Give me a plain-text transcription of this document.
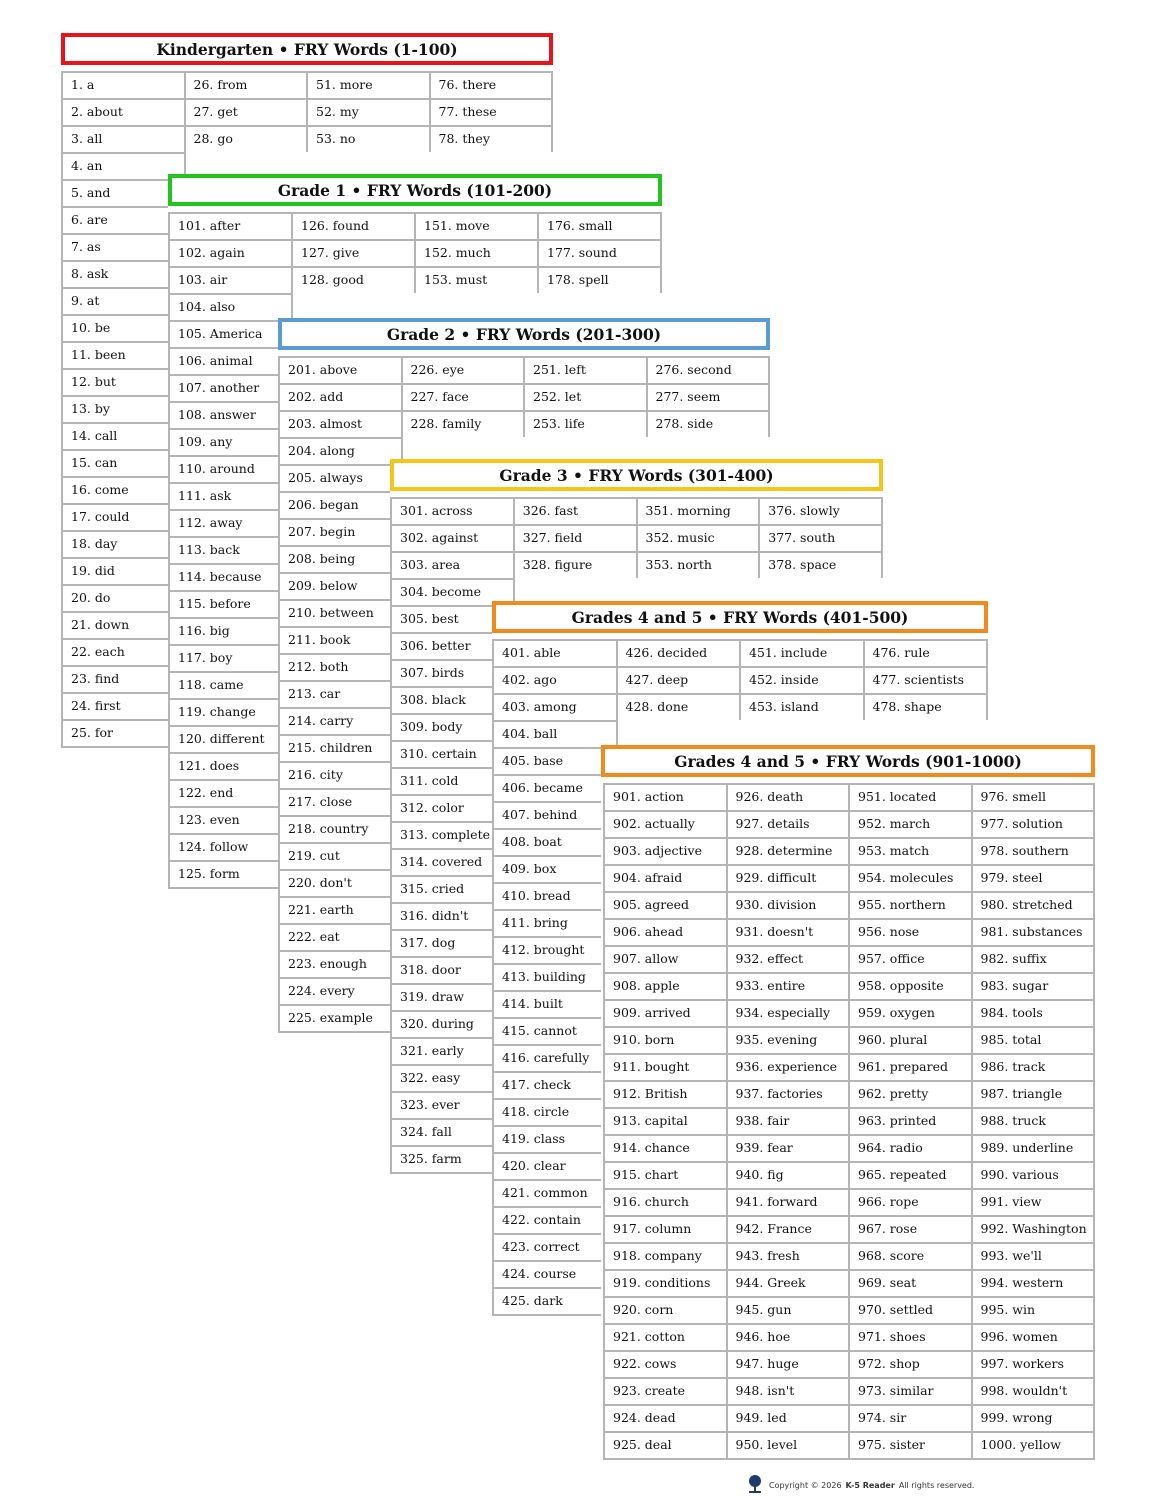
Kindergarten • FRY Words (1-100)
1. a	26. from	51. more	76. there
2. about	27. get	52. my	77. these
3. all	28. go	53. no	78. they
4. an
5. and
6. are
7. as
8. ask
9. at
10. be
11. been
12. but
13. by
14. call
15. can
16. come
17. could
18. day
19. did
20. do
21. down
22. each
23. find
24. first
25. for
Grade 1 • FRY Words (101-200)
101. after	126. found	151. move	176. small
102. again	127. give	152. much	177. sound
103. air	128. good	153. must	178. spell
104. also
105. America
106. animal
107. another
108. answer
109. any
110. around
111. ask
112. away
113. back
114. because
115. before
116. big
117. boy
118. came
119. change
120. different
121. does
122. end
123. even
124. follow
125. form
Grade 2 • FRY Words (201-300)
201. above	226. eye	251. left	276. second
202. add	227. face	252. let	277. seem
203. almost	228. family	253. life	278. side
204. along
205. always
206. began
207. begin
208. being
209. below
210. between
211. book
212. both
213. car
214. carry
215. children
216. city
217. close
218. country
219. cut
220. don't
221. earth
222. eat
223. enough
224. every
225. example
Grade 3 • FRY Words (301-400)
301. across	326. fast	351. morning	376. slowly
302. against	327. field	352. music	377. south
303. area	328. figure	353. north	378. space
304. become
305. best
306. better
307. birds
308. black
309. body
310. certain
311. cold
312. color
313. complete
314. covered
315. cried
316. didn't
317. dog
318. door
319. draw
320. during
321. early
322. easy
323. ever
324. fall
325. farm
Grades 4 and 5 • FRY Words (401-500)
401. able	426. decided	451. include	476. rule
402. ago	427. deep	452. inside	477. scientists
403. among	428. done	453. island	478. shape
404. ball
405. base
406. became
407. behind
408. boat
409. box
410. bread
411. bring
412. brought
413. building
414. built
415. cannot
416. carefully
417. check
418. circle
419. class
420. clear
421. common
422. contain
423. correct
424. course
425. dark
Grades 4 and 5 • FRY Words (901-1000)
901. action	926. death	951. located	976. smell
902. actually	927. details	952. march	977. solution
903. adjective	928. determine	953. match	978. southern
904. afraid	929. difficult	954. molecules	979. steel
905. agreed	930. division	955. northern	980. stretched
906. ahead	931. doesn't	956. nose	981. substances
907. allow	932. effect	957. office	982. suffix
908. apple	933. entire	958. opposite	983. sugar
909. arrived	934. especially	959. oxygen	984. tools
910. born	935. evening	960. plural	985. total
911. bought	936. experience	961. prepared	986. track
912. British	937. factories	962. pretty	987. triangle
913. capital	938. fair	963. printed	988. truck
914. chance	939. fear	964. radio	989. underline
915. chart	940. fig	965. repeated	990. various
916. church	941. forward	966. rope	991. view
917. column	942. France	967. rose	992. Washington
918. company	943. fresh	968. score	993. we'll
919. conditions	944. Greek	969. seat	994. western
920. corn	945. gun	970. settled	995. win
921. cotton	946. hoe	971. shoes	996. women
922. cows	947. huge	972. shop	997. workers
923. create	948. isn't	973. similar	998. wouldn't
924. dead	949. led	974. sir	999. wrong
925. deal	950. level	975. sister	1000. yellow
Copyright © 2026 K-5 Reader All rights reserved.
